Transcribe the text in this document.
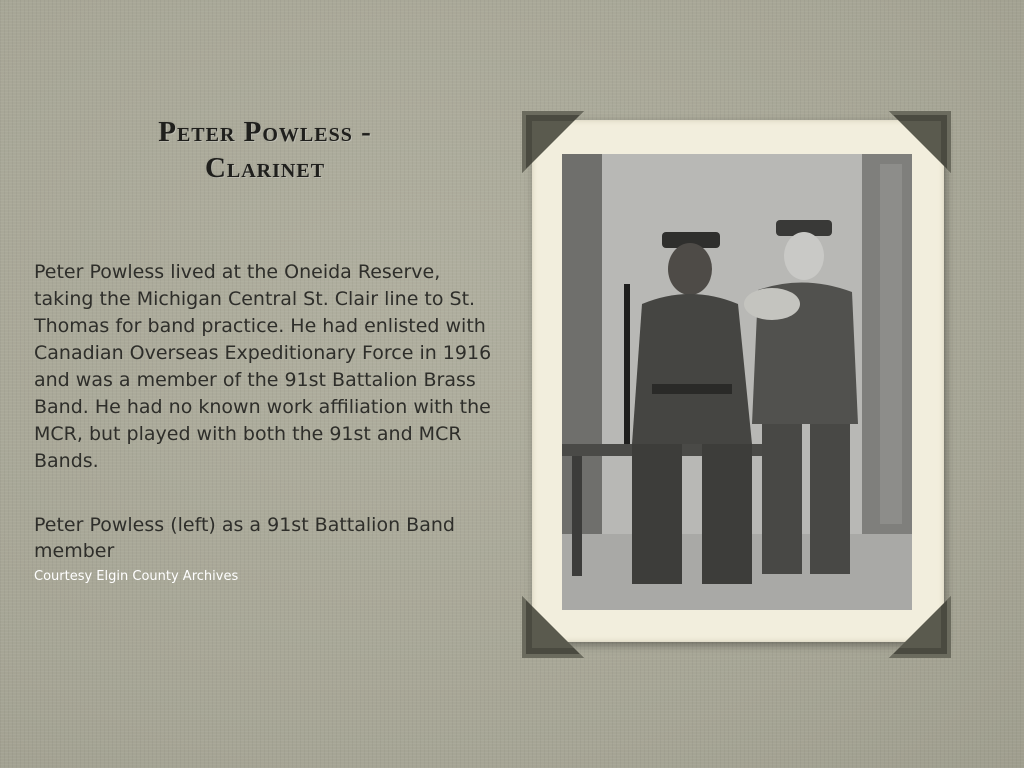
Peter Powless -
Clarinet

Peter Powless lived at the Oneida Reserve, taking the Michigan Central St. Clair line to St. Thomas for band practice. He had enlisted with Canadian Overseas Expeditionary Force in 1916 and was a member of the 91st Battalion Brass Band. He had no known work affiliation with the MCR, but played with both the 91st and MCR Bands.

Peter Powless (left) as a 91st Battalion Band member

Courtesy Elgin County Archives
